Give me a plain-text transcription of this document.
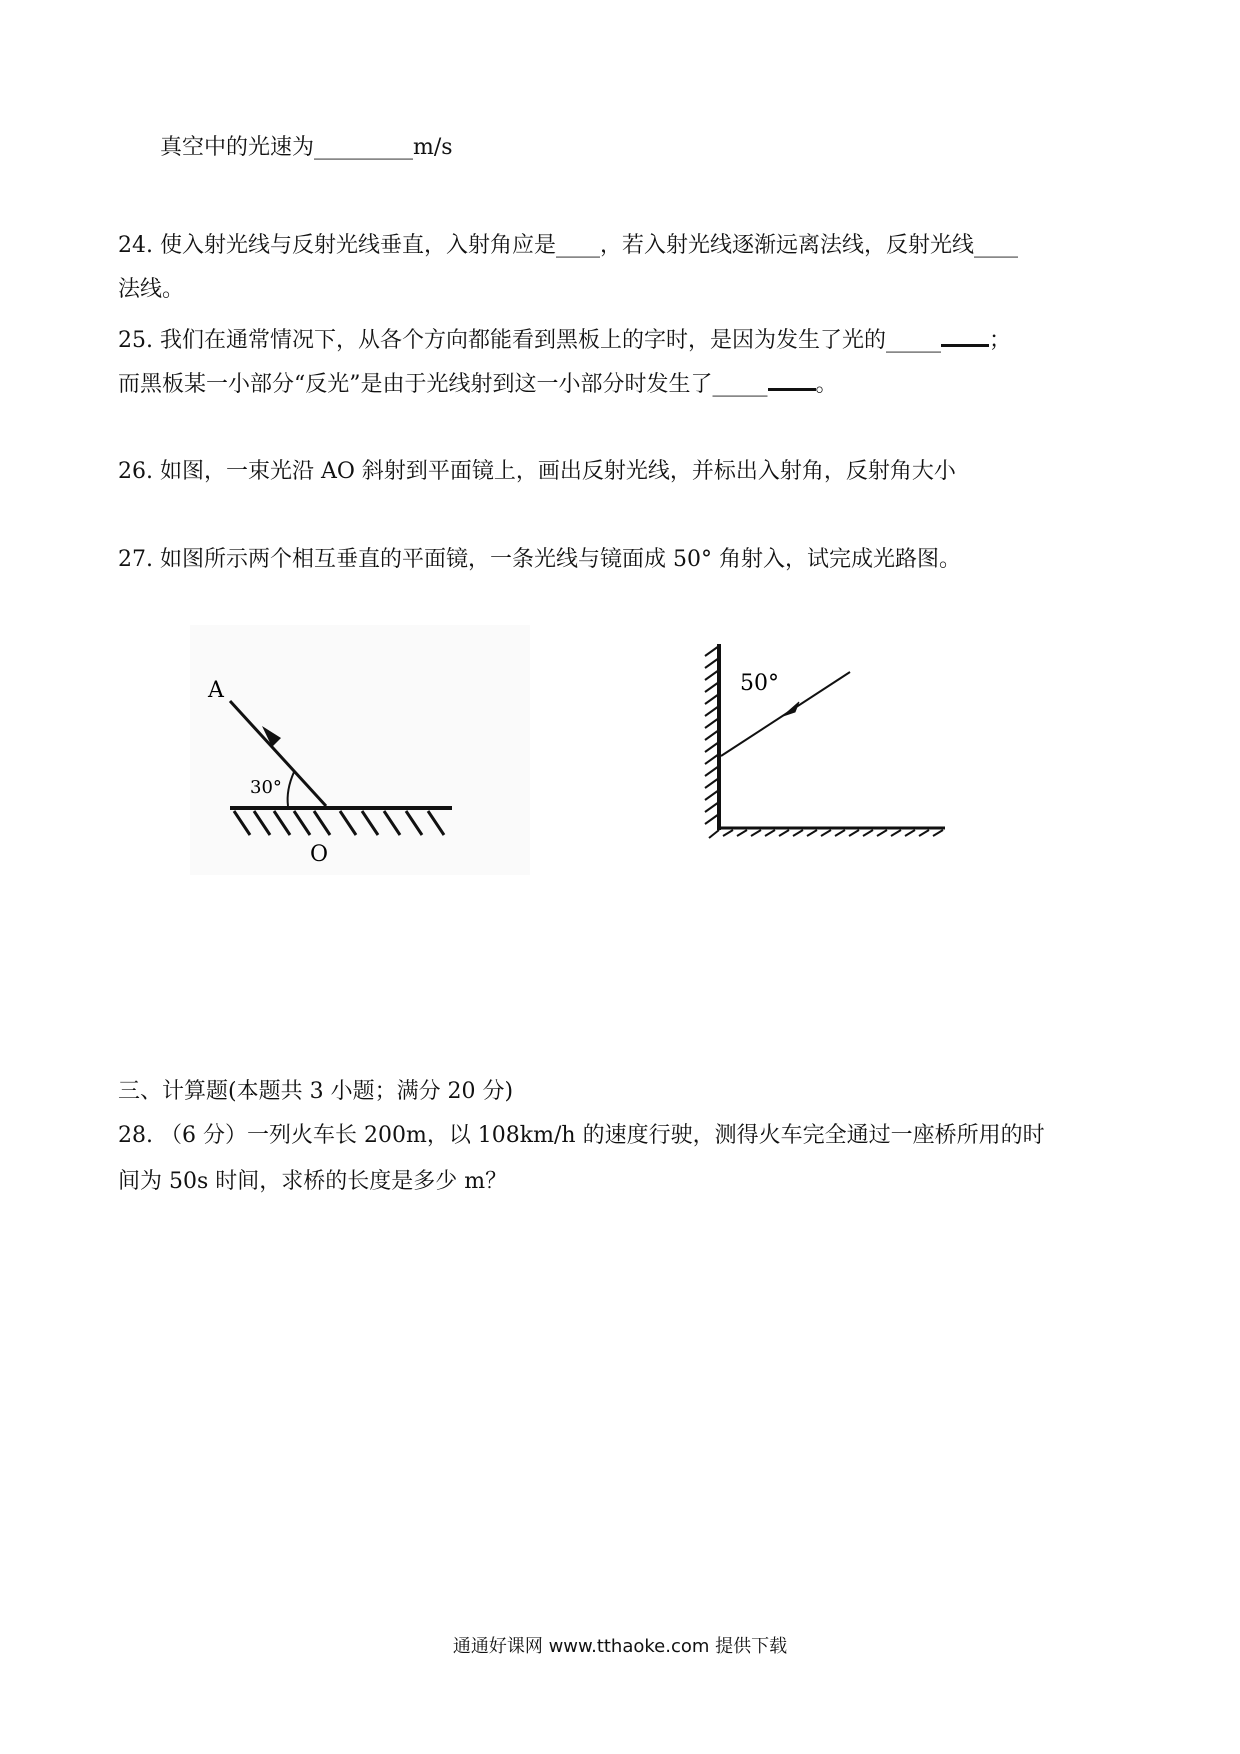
真空中的光速为_________m/s
24. 使入射光线与反射光线垂直，入射角应是____，若入射光线逐渐远离法线，反射光线____
法线。
25. 我们在通常情况下，从各个方向都能看到黑板上的字时，是因为发生了光的_____ ；
而黑板某一小部分“反光”是由于光线射到这一小部分时发生了_____ 。
26. 如图，一束光沿 AO 斜射到平面镜上，画出反射光线，并标出入射角，反射角大小
27. 如图所示两个相互垂直的平面镜，一条光线与镜面成 50° 角射入，试完成光路图。
A
30°
O
50°
三、计算题(本题共 3 小题；满分 20 分)
28. （6 分）一列火车长 200m，以 108km/h 的速度行驶，测得火车完全通过一座桥所用的时
间为 50s 时间，求桥的长度是多少 m？
通通好课网 www.tthaoke.com 提供下载
